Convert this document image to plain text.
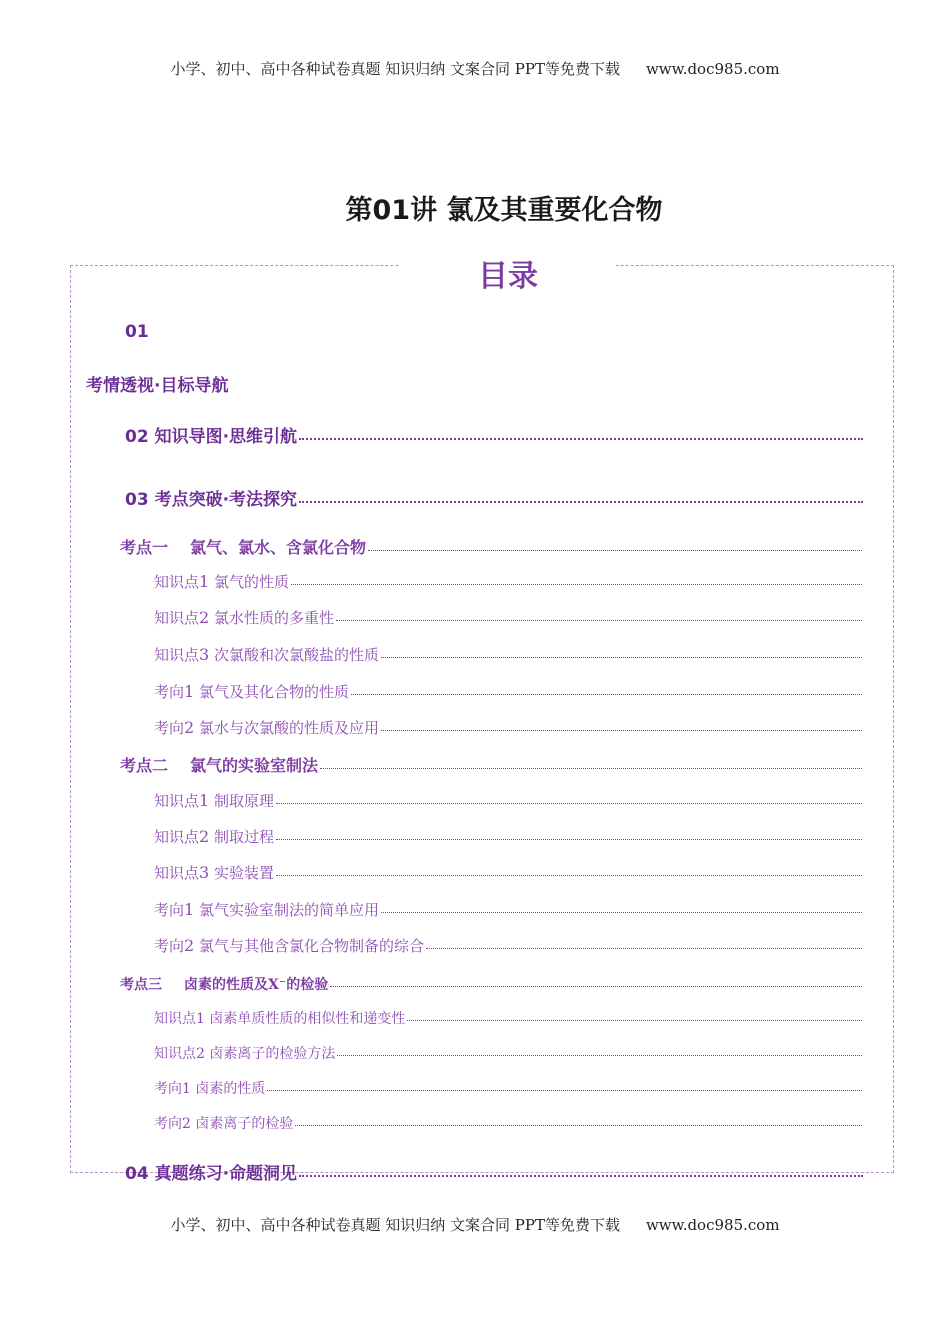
小学、初中、高中各种试卷真题 知识归纳 文案合同 PPT等免费下载 www.doc985.com
第01讲 氯及其重要化合物
目录
01
考情透视·目标导航
02 知识导图·思维引航
03 考点突破·考法探究
考点一 氯气、氯水、含氯化合物
知识点1 氯气的性质
知识点2 氯水性质的多重性
知识点3 次氯酸和次氯酸盐的性质
考向1 氯气及其化合物的性质
考向2 氯水与次氯酸的性质及应用
考点二 氯气的实验室制法
知识点1 制取原理
知识点2 制取过程
知识点3 实验装置
考向1 氯气实验室制法的简单应用
考向2 氯气与其他含氯化合物制备的综合
考点三 卤素的性质及X⁻的检验
知识点1 卤素单质性质的相似性和递变性
知识点2 卤素离子的检验方法
考向1 卤素的性质
考向2 卤素离子的检验
04 真题练习·命题洞见
小学、初中、高中各种试卷真题 知识归纳 文案合同 PPT等免费下载 www.doc985.com
